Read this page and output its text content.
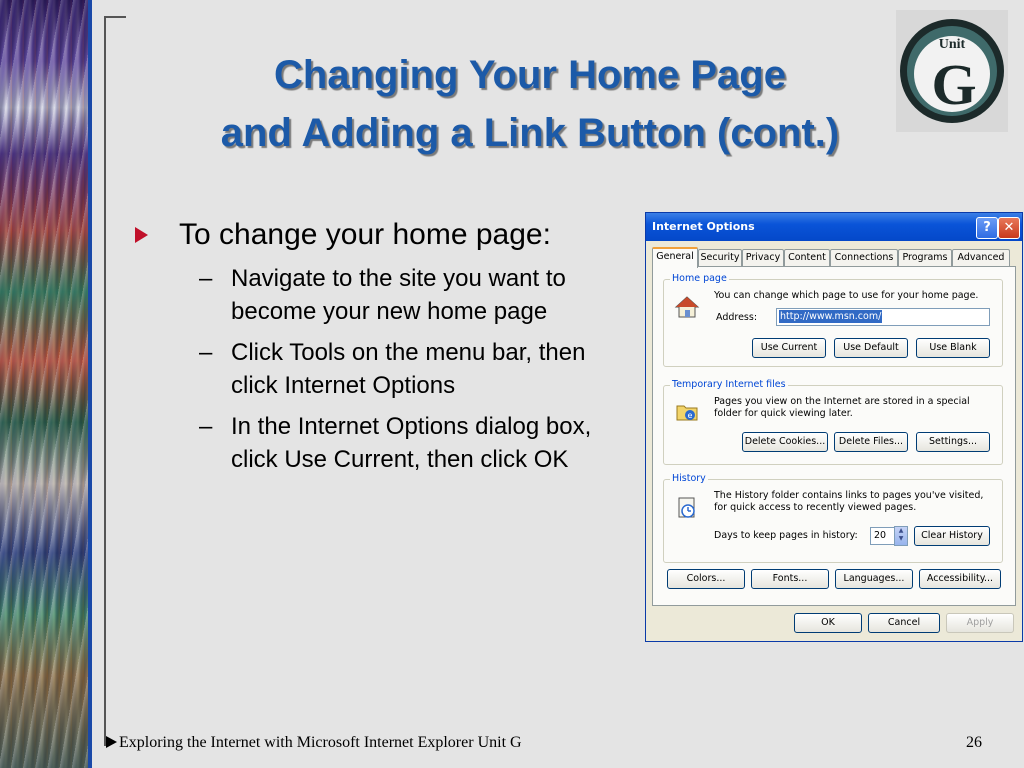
Changing Your Home Page
and Adding a Link Button (cont.)
Unit
G
To change your home page:
– Navigate to the site you want to become your new home page
– Click Tools on the menu bar, then click Internet Options
– In the Internet Options dialog box, click Use Current, then click OK
Internet Options	? ✕
General Security Privacy Content Connections Programs	Advanced
Home page
You can change which page to use for your home page.
Address:	http://www.msn.com/
Use Current	Use Default	Use Blank
Temporary Internet files
e
Pages you view on the Internet are stored in a special folder for quick viewing later.
Delete Cookies...	Delete Files...	Settings...
History
The History folder contains links to pages you've visited, for quick access to recently viewed pages.
Days to keep pages in history:	20	▲
▼	Clear History
Colors...	Fonts...	Languages...	Accessibility...
OK	Cancel	Apply
Exploring the Internet with Microsoft Internet Explorer Unit G	26
